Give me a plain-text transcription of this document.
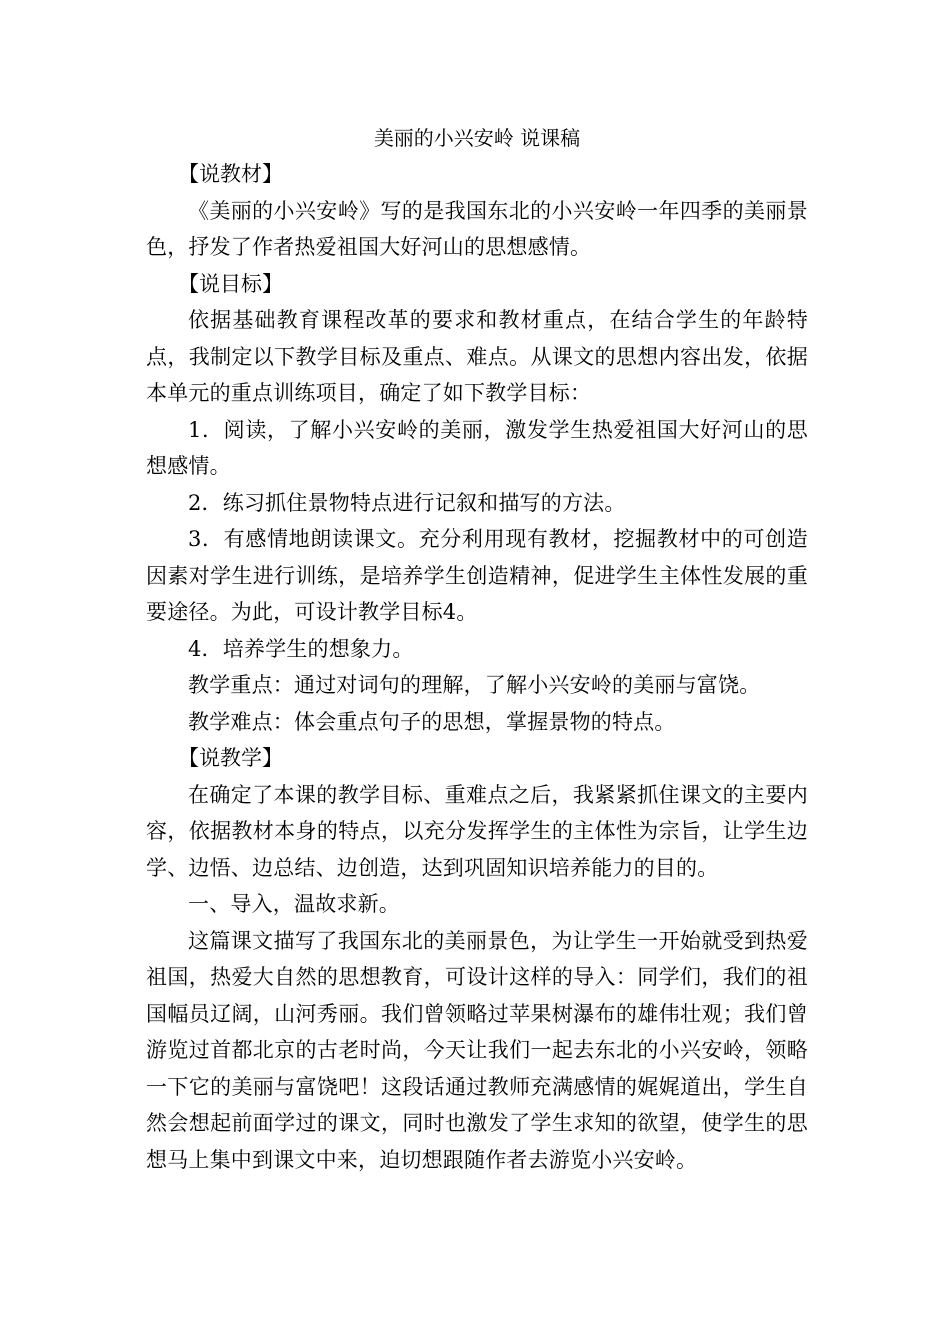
美丽的小兴安岭 说课稿

【说教材】

《美丽的小兴安岭》写的是我国东北的小兴安岭一年四季的美丽景色，抒发了作者热爱祖国大好河山的思想感情。

【说目标】

依据基础教育课程改革的要求和教材重点，在结合学生的年龄特点，我制定以下教学目标及重点、难点。从课文的思想内容出发，依据本单元的重点训练项目，确定了如下教学目标：

1．阅读，了解小兴安岭的美丽，激发学生热爱祖国大好河山的思想感情。

2．练习抓住景物特点进行记叙和描写的方法。

3．有感情地朗读课文。充分利用现有教材，挖掘教材中的可创造因素对学生进行训练，是培养学生创造精神，促进学生主体性发展的重要途径。为此，可设计教学目标4。

4．培养学生的想象力。

教学重点：通过对词句的理解，了解小兴安岭的美丽与富饶。

教学难点：体会重点句子的思想，掌握景物的特点。

【说教学】

在确定了本课的教学目标、重难点之后，我紧紧抓住课文的主要内容，依据教材本身的特点，以充分发挥学生的主体性为宗旨，让学生边学、边悟、边总结、边创造，达到巩固知识培养能力的目的。

一、导入，温故求新。

这篇课文描写了我国东北的美丽景色，为让学生一开始就受到热爱祖国，热爱大自然的思想教育，可设计这样的导入：同学们，我们的祖国幅员辽阔，山河秀丽。我们曾领略过苹果树瀑布的雄伟壮观；我们曾游览过首都北京的古老时尚，今天让我们一起去东北的小兴安岭，领略一下它的美丽与富饶吧！这段话通过教师充满感情的娓娓道出，学生自然会想起前面学过的课文，同时也激发了学生求知的欲望，使学生的思想马上集中到课文中来，迫切想跟随作者去游览小兴安岭。
